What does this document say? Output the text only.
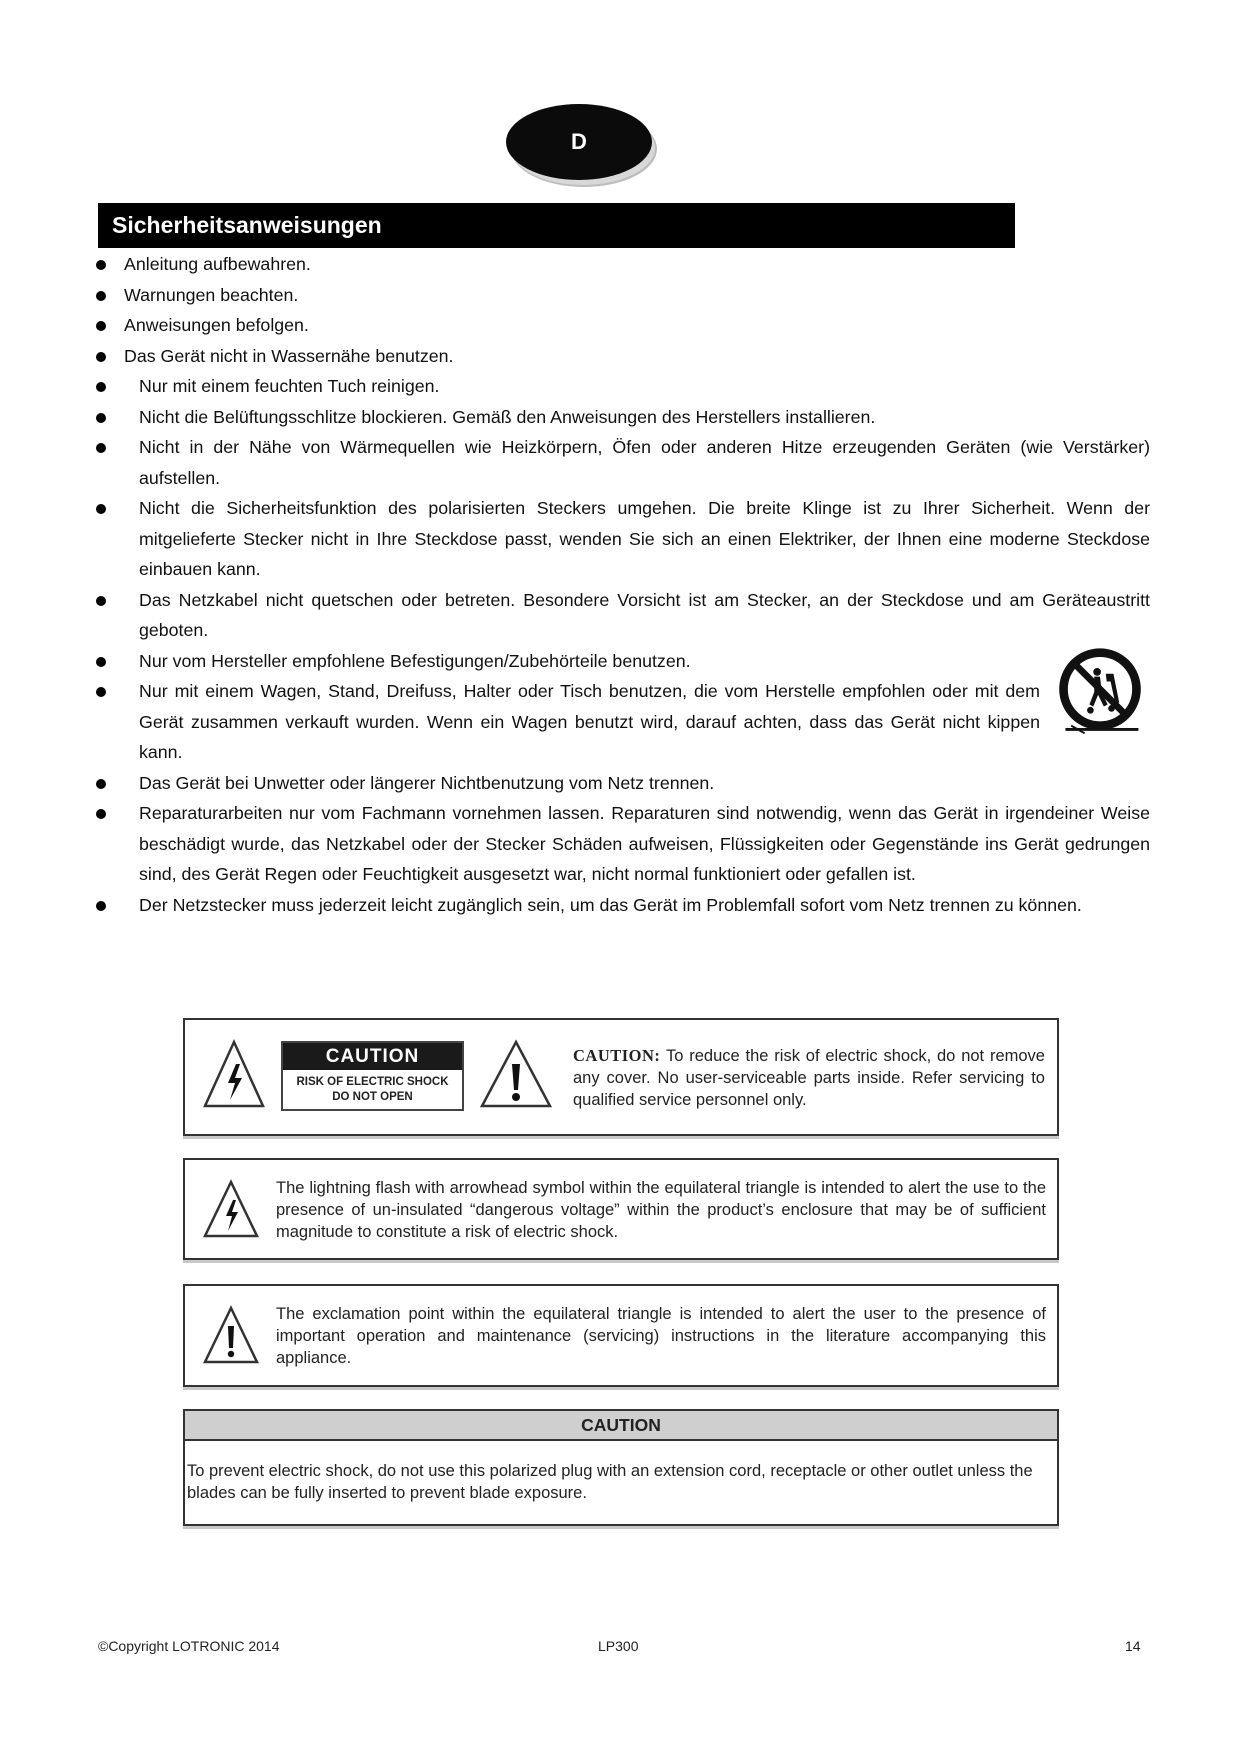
D
Sicherheitsanweisungen
Anleitung aufbewahren.
Warnungen beachten.
Anweisungen befolgen.
Das Gerät nicht in Wassernähe benutzen.
Nur mit einem feuchten Tuch reinigen.
Nicht die Belüftungsschlitze blockieren. Gemäß den Anweisungen des Herstellers installieren.
Nicht in der Nähe von Wärmequellen wie Heizkörpern, Öfen oder anderen Hitze erzeugenden Geräten (wie Verstärker) aufstellen.
Nicht die Sicherheitsfunktion des polarisierten Steckers umgehen. Die breite Klinge ist zu Ihrer Sicherheit. Wenn der mitgelieferte Stecker nicht in Ihre Steckdose passt, wenden Sie sich an einen Elektriker, der Ihnen eine moderne Steckdose einbauen kann.
Das Netzkabel nicht quetschen oder betreten. Besondere Vorsicht ist am Stecker, an der Steckdose und am Geräteaustritt geboten.
Nur vom Hersteller empfohlene Befestigungen/Zubehörteile benutzen.
Nur mit einem Wagen, Stand, Dreifuss, Halter oder Tisch benutzen, die vom Herstelle empfohlen oder mit dem Gerät zusammen verkauft wurden. Wenn ein Wagen benutzt wird, darauf achten, dass das Gerät nicht kippen kann.
Das Gerät bei Unwetter oder längerer Nichtbenutzung vom Netz trennen.
Reparaturarbeiten nur vom Fachmann vornehmen lassen. Reparaturen sind notwendig, wenn das Gerät in irgendeiner Weise beschädigt wurde, das Netzkabel oder der Stecker Schäden aufweisen, Flüssigkeiten oder Gegenstände ins Gerät gedrungen sind, des Gerät Regen oder Feuchtigkeit ausgesetzt war, nicht normal funktioniert oder gefallen ist.
Der Netzstecker muss jederzeit leicht zugänglich sein, um das Gerät im Problemfall sofort vom Netz trennen zu können.
CAUTION
RISK OF ELECTRIC SHOCK
DO NOT OPEN
CAUTION: To reduce the risk of electric shock, do not remove any cover. No user-serviceable parts inside. Refer servicing to qualified service personnel only.
The lightning flash with arrowhead symbol within the equilateral triangle is intended to alert the use to the presence of un-insulated “dangerous voltage” within the product’s enclosure that may be of sufficient magnitude to constitute a risk of electric shock.
The exclamation point within the equilateral triangle is intended to alert the user to the presence of important operation and maintenance (servicing) instructions in the literature accompanying this appliance.
CAUTION
To prevent electric shock, do not use this polarized plug with an extension cord, receptacle or other outlet unless the blades can be fully inserted to prevent blade exposure.
©Copyright LOTRONIC 2014	LP300	14
